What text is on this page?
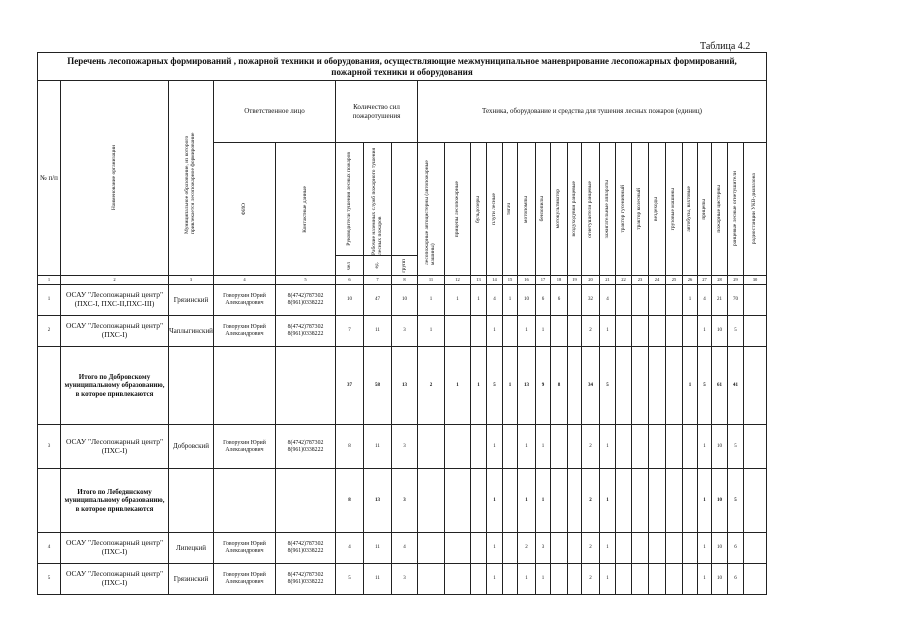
Таблица 4.2
Перечень лесопожарных формирований , пожарной техники и оборудования, осуществляющие межмуниципальное маневрирование лесопожарных формирований, пожарной техники и оборудования																											
№ п/п	Наименование организации	Муниципальное образование, из которого привлекается лесопожарное формирование	Ответственное лицо		Количество сил пожаротушения			Техника, оборудование и средства для тушения лесных пожаров (единиц)																			

			ФИО	Контактные данные	Руководители тушения лесных пожаров	Рабочие наземных служб пожарного тушения лесных пожаров		лесопожарные автоцистерны (автопожарные машины)	прицепы лесопожарные	бульдозеры	плуги лесные	тягач	мотопомпы	бензопилы	мотокультиватор	воздуходувки ранцевые	огнетушители ранцевые	зажигательные аппараты	трактор гусеничный	трактор колесный	вездеходы	грузовые машины	автобусы, вахтовые	прицепы	пожарные цистерны	ранцевые лесные огнетушители	радиостанции УКВ-диапазона

					чел	ед.	групп																				

1	2	3	4	5	6	7	8	11	12	13	14	15	16	17	18	19	20	21	22	23	24	25	26	27	28	29	30
1	ОСАУ "Лесопожарный центр" (ПХС-I, ПХС-II,ПХС-III)	Грязинский	Говорухин Юрий Александрович	8(4742)787302 8(961)0338222	10	47	10	1	1	1	4	1	10	6	6		32	4					1	4	21	70	
2	ОСАУ "Лесопожарный центр" (ПХС-I)	Чаплыгинский	Говорухин Юрий Александрович	8(4742)787302 8(961)0338222	7	11	3	1			1		1	1			2	1						1	10	5	
	Итого по Добровскому муниципальному образованию, в которое привлекаются				37	58	13	2	1	1	5	1	13	9	8		34	5					1	5	61	41	
3	ОСАУ "Лесопожарный центр" (ПХС-I)	Добровский	Говорухин Юрий Александрович	8(4742)787302 8(961)0338222	8	11	3				1		1	1			2	1						1	10	5	
	Итого по Лебедянскому муниципальному образованию, в которое привлекаются				8	13	3				1		1	1			2	1						1	10	5	
4	ОСАУ "Лесопожарный центр" (ПХС-I)	Липецкий	Говорухин Юрий Александрович	8(4742)787302 8(961)0338222	4	11	4				1		2	3			2	1						1	10	6	
5	ОСАУ "Лесопожарный центр" (ПХС-I)	Грязинский	Говорухин Юрий Александрович	8(4742)787302 8(961)0338222	5	11	3				1		1	1			2	1						1	10	6	
